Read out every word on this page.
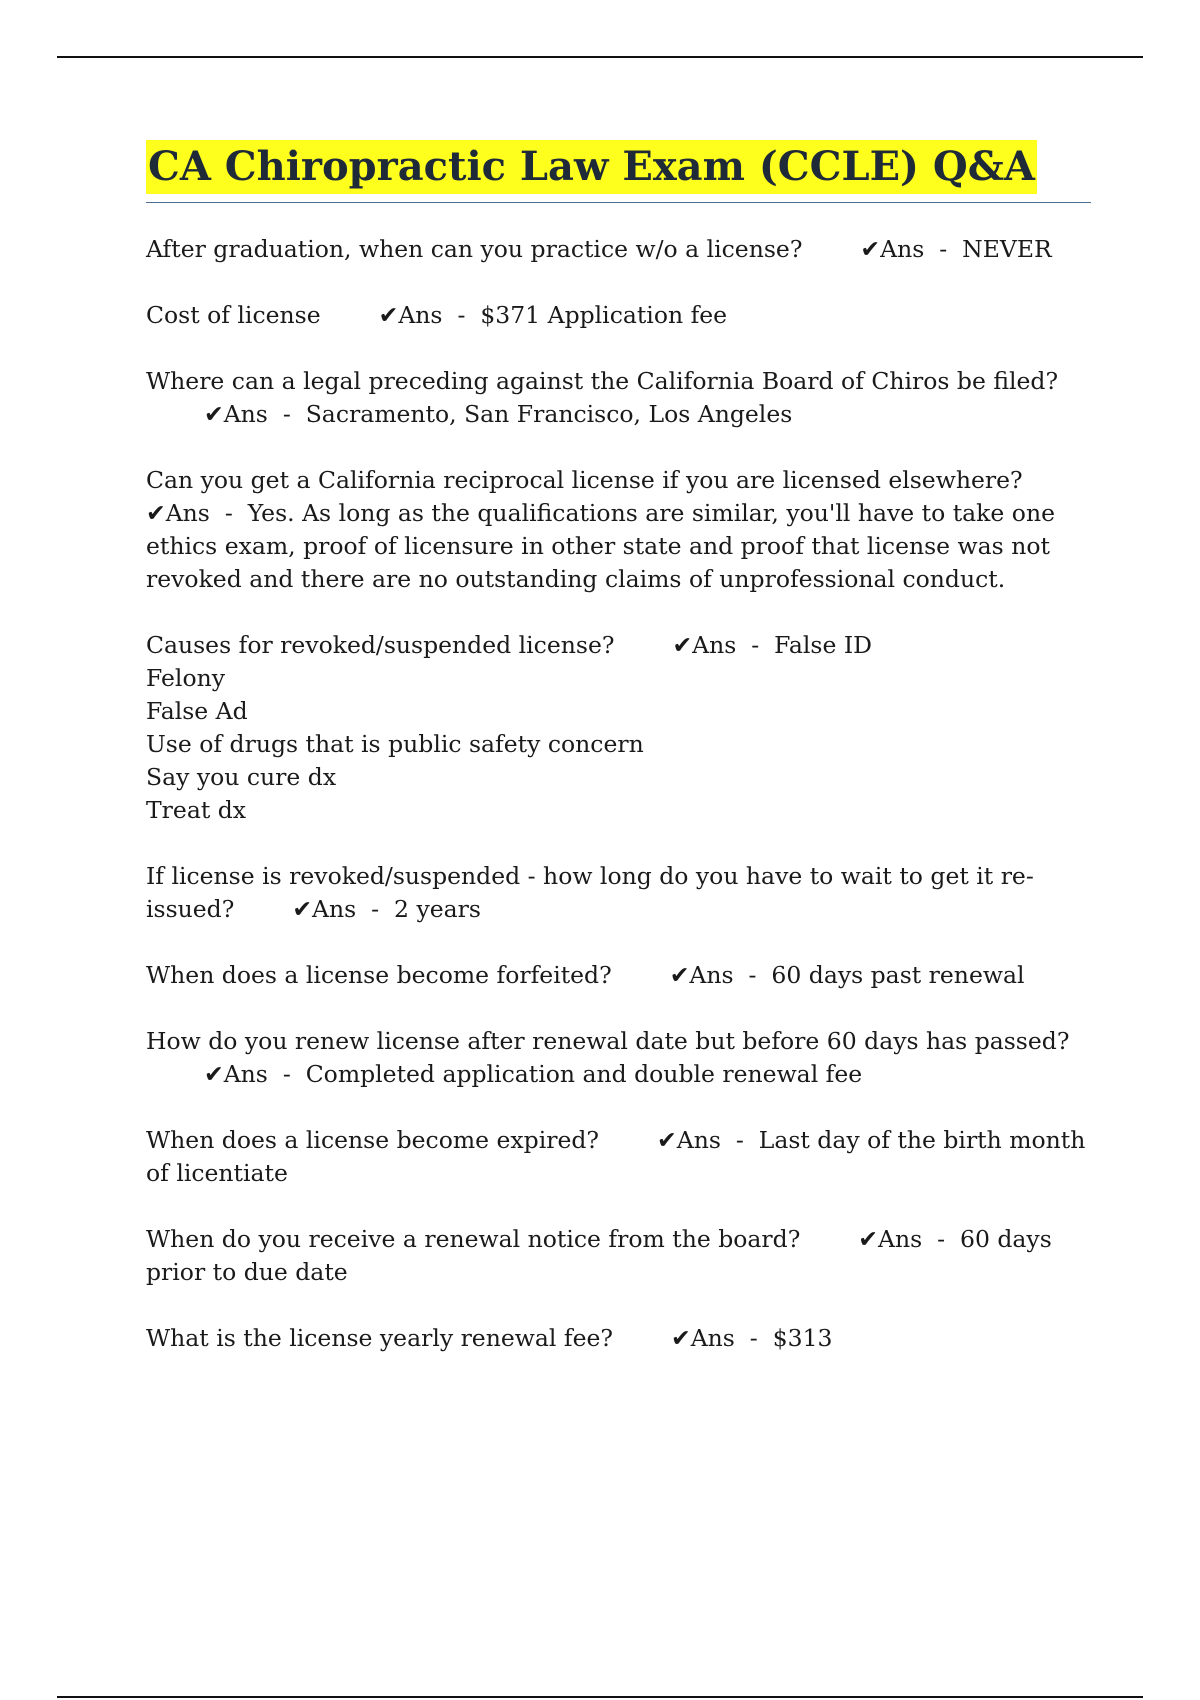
CA Chiropractic Law Exam (CCLE) Q&A

After graduation, when can you practice w/o a license? ✔Ans  -  NEVER

Cost of license ✔Ans  -  $371 Application fee

Where can a legal preceding against the California Board of Chiros be filed?✔Ans  -  Sacramento, San Francisco, Los Angeles

Can you get a California reciprocal license if you are licensed elsewhere?✔Ans  -  Yes. As long as the qualifications are similar, you'll have to take one ethics exam, proof of licensure in other state and proof that license was not revoked and there are no outstanding claims of unprofessional conduct.

Causes for revoked/suspended license? ✔Ans  -  False ID
Felony
False Ad
Use of drugs that is public safety concern
Say you cure dx
Treat dx

If license is revoked/suspended - how long do you have to wait to get it re-issued? ✔Ans  -  2 years

When does a license become forfeited? ✔Ans  -  60 days past renewal

How do you renew license after renewal date but before 60 days has passed?✔Ans  -  Completed application and double renewal fee

When does a license become expired? ✔Ans  -  Last day of the birth month of licentiate

When do you receive a renewal notice from the board? ✔Ans  -  60 days prior to due date

What is the license yearly renewal fee? ✔Ans  -  $313
